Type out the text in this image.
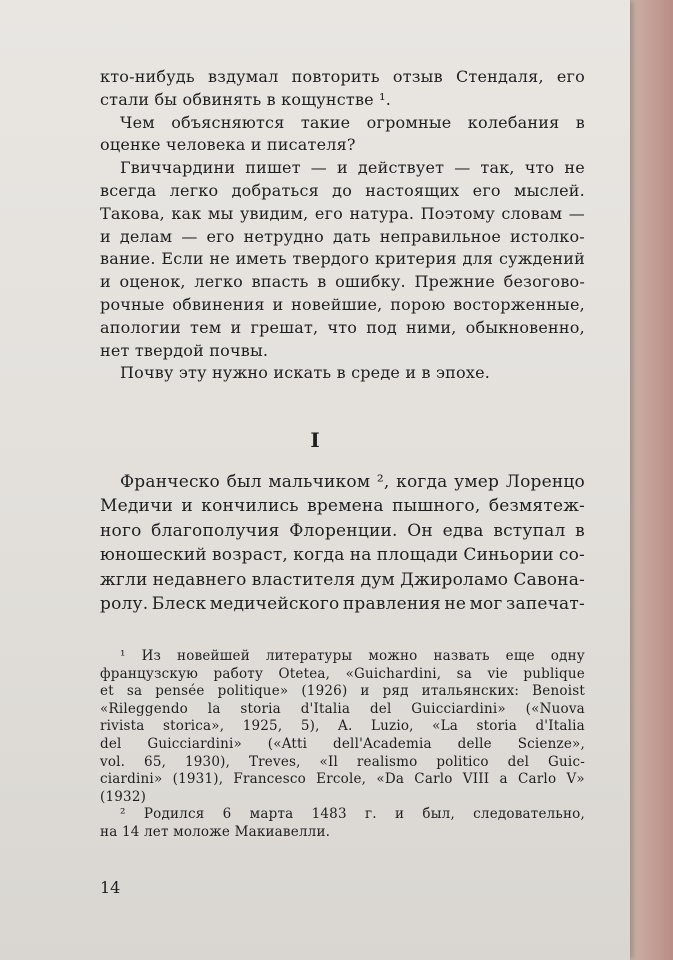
кто-нибудь вздумал повторить отзыв Стендаля, его
стали бы обвинять в кощунстве ¹.
Чем объясняются такие огромные колебания в
оценке человека и писателя?
Гвиччардини пишет — и действует — так, что не
всегда легко добраться до настоящих его мыслей.
Такова, как мы увидим, его натура. Поэтому словам —
и делам — его нетрудно дать неправильное истолко-
вание. Если не иметь твердого критерия для суждений
и оценок, легко впасть в ошибку. Прежние безогово-
рочные обвинения и новейшие, порою восторженные,
апологии тем и грешат, что под ними, обыкновенно,
нет твердой почвы.
Почву эту нужно искать в среде и в эпохе.
I
Франческо был мальчиком ², когда умер Лоренцо
Медичи и кончились времена пышного, безмятеж-
ного благополучия Флоренции. Он едва вступал в
юношеский возраст, когда на площади Синьории со-
жгли недавнего властителя дум Джироламо Савона-
ролу. Блеск медичейского правления не мог запечат-
¹ Из новейшей литературы можно назвать еще одну
французскую работу Otetea, «Guichardini, sa vie publique
et sa pensée politique» (1926) и ряд итальянских: Benoist
«Rileggendo la storia d'Italia del Guicciardini» («Nuova
rivista storica», 1925, 5), A. Luzio, «La storia d'Italia
del Guicciardini» («Atti dell'Academia delle Scienze»,
vol. 65, 1930), Treves, «Il realismo politico del Guic-
ciardini» (1931), Francesco Ercole, «Da Carlo VIII a Carlo V»
(1932)
² Родился 6 марта 1483 г. и был, следовательно,
на 14 лет моложе Макиавелли.
14
